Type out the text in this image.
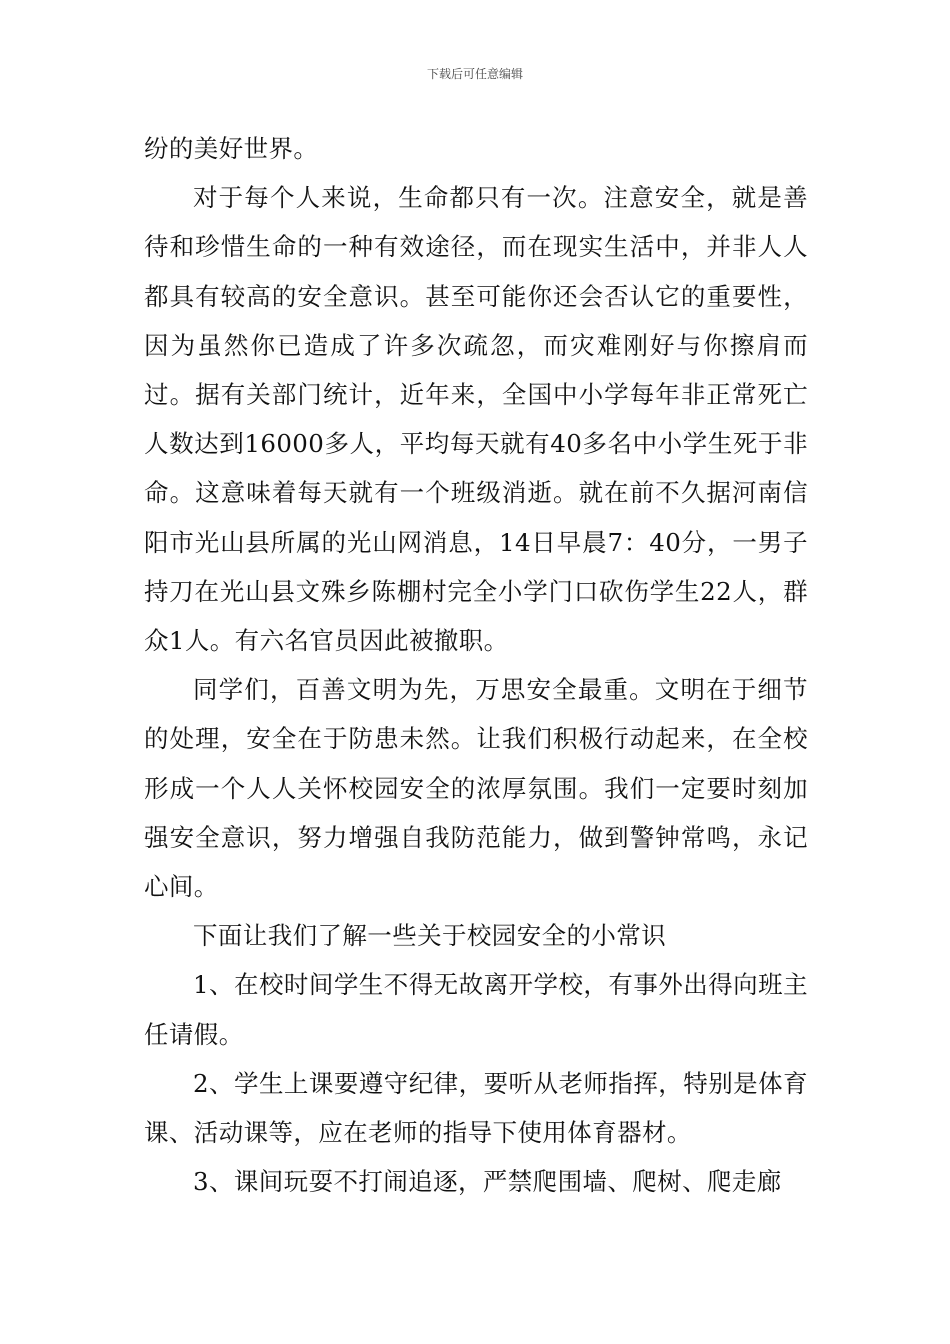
下载后可任意编辑

纷的美好世界。

对于每个人来说，生命都只有一次。注意安全，就是善待和珍惜生命的一种有效途径，而在现实生活中，并非人人都具有较高的安全意识。甚至可能你还会否认它的重要性，因为虽然你已造成了许多次疏忽，而灾难刚好与你擦肩而过。据有关部门统计，近年来，全国中小学每年非正常死亡人数达到16000多人，平均每天就有40多名中小学生死于非命。这意味着每天就有一个班级消逝。就在前不久据河南信阳市光山县所属的光山网消息，14日早晨7：40分，一男子持刀在光山县文殊乡陈棚村完全小学门口砍伤学生22人，群众1人。有六名官员因此被撤职。

同学们，百善文明为先，万思安全最重。文明在于细节的处理，安全在于防患未然。让我们积极行动起来，在全校形成一个人人关怀校园安全的浓厚氛围。我们一定要时刻加强安全意识，努力增强自我防范能力，做到警钟常鸣，永记心间。

下面让我们了解一些关于校园安全的小常识

1、在校时间学生不得无故离开学校，有事外出得向班主任请假。

2、学生上课要遵守纪律，要听从老师指挥，特别是体育课、活动课等，应在老师的指导下使用体育器材。

3、课间玩耍不打闹追逐，严禁爬围墙、爬树、爬走廊
